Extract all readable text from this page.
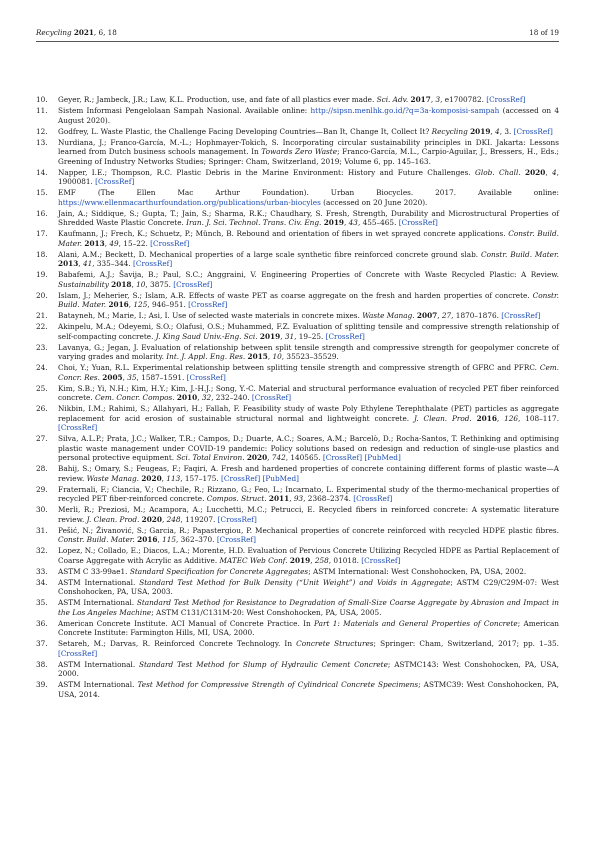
Recycling 2021, 6, 18	18 of 19
10.	Geyer, R.; Jambeck, J.R.; Law, K.L. Production, use, and fate of all plastics ever made. Sci. Adv. 2017, 3, e1700782. [CrossRef]
11.	Sistem Informasi Pengelolaan Sampah Nasional. Available online: http://sipsn.menlhk.go.id/?q=3a-komposisi-sampah (accessed on 4 August 2020).
12.	Godfrey, L. Waste Plastic, the Challenge Facing Developing Countries—Ban It, Change It, Collect It? Recycling 2019, 4, 3. [CrossRef]
13.	Nurdiana, J.; Franco-García, M.-L.; Hophmayer-Tokich, S. Incorporating circular sustainability principles in DKI. Jakarta: Lessons learned from Dutch business schools management. In Towards Zero Waste; Franco-García, M.L., Carpio-Aguilar, J., Bressers, H., Eds.; Greening of Industry Networks Studies; Springer: Cham, Switzerland, 2019; Volume 6, pp. 145–163.
14.	Napper, I.E.; Thompson, R.C. Plastic Debris in the Marine Environment: History and Future Challenges. Glob. Chall. 2020, 4, 1900081. [CrossRef]
15.	EMF (The Ellen Mac Arthur Foundation). Urban Biocycles. 2017. Available online: https://www.ellenmacarthurfoundation.org/publications/urban-biocyles (accessed on 20 June 2020).
16.	Jain, A.; Siddique, S.; Gupta, T.; Jain, S.; Sharma, R.K.; Chaudhary, S. Fresh, Strength, Durability and Microstructural Properties of Shredded Waste Plastic Concrete. Iran. J. Sci. Technol. Trans. Civ. Eng. 2019, 43, 455–465. [CrossRef]
17.	Kaufmann, J.; Frech, K.; Schuetz, P.; Münch, B. Rebound and orientation of fibers in wet sprayed concrete applications. Constr. Build. Mater. 2013, 49, 15–22. [CrossRef]
18.	Alani, A.M.; Beckett, D. Mechanical properties of a large scale synthetic fibre reinforced concrete ground slab. Constr. Build. Mater. 2013, 41, 335–344. [CrossRef]
19.	Babafemi, A.J.; Šavija, B.; Paul, S.C.; Anggraini, V. Engineering Properties of Concrete with Waste Recycled Plastic: A Review. Sustainability 2018, 10, 3875. [CrossRef]
20.	Islam, J.; Meherier, S.; Islam, A.R. Effects of waste PET as coarse aggregate on the fresh and harden properties of concrete. Constr. Build. Mater. 2016, 125, 946–951. [CrossRef]
21.	Batayneh, M.; Marie, I.; Asi, I. Use of selected waste materials in concrete mixes. Waste Manag. 2007, 27, 1870–1876. [CrossRef]
22.	Akinpelu, M.A.; Odeyemi, S.O.; Olafusi, O.S.; Muhammed, F.Z. Evaluation of splitting tensile and compressive strength relationship of self-compacting concrete. J. King Saud Univ.-Eng. Sci. 2019, 31, 19–25. [CrossRef]
23.	Lavanya, G.; Jegan, J. Evaluation of relationship between split tensile strength and compressive strength for geopolymer concrete of varying grades and molarity. Int. J. Appl. Eng. Res. 2015, 10, 35523–35529.
24.	Choi, Y.; Yuan, R.L. Experimental relationship between splitting tensile strength and compressive strength of GFRC and PFRC. Cem. Concr. Res. 2005, 35, 1587–1591. [CrossRef]
25.	Kim, S.B.; Yi, N.H.; Kim, H.Y.; Kim, J.-H.J.; Song, Y.-C. Material and structural performance evaluation of recycled PET fiber reinforced concrete. Cem. Concr. Compos. 2010, 32, 232–240. [CrossRef]
26.	Nikbin, I.M.; Rahimi, S.; Allahyari, H.; Fallah, F. Feasibility study of waste Poly Ethylene Terephthalate (PET) particles as aggregate replacement for acid erosion of sustainable structural normal and lightweight concrete. J. Clean. Prod. 2016, 126, 108–117. [CrossRef]
27.	Silva, A.L.P.; Prata, J.C.; Walker, T.R.; Campos, D.; Duarte, A.C.; Soares, A.M.; Barcelò, D.; Rocha-Santos, T. Rethinking and optimising plastic waste management under COVID-19 pandemic: Policy solutions based on redesign and reduction of single-use plastics and personal protective equipment. Sci. Total Environ. 2020, 742, 140565. [CrossRef] [PubMed]
28.	Bahij, S.; Omary, S.; Feugeas, F.; Faqiri, A. Fresh and hardened properties of concrete containing different forms of plastic waste—A review. Waste Manag. 2020, 113, 157–175. [CrossRef] [PubMed]
29.	Fraternali, F.; Ciancia, V.; Chechile, R.; Rizzano, G.; Feo, L.; Incarnato, L. Experimental study of the thermo-mechanical properties of recycled PET fiber-reinforced concrete. Compos. Struct. 2011, 93, 2368–2374. [CrossRef]
30.	Merli, R.; Preziosi, M.; Acampora, A.; Lucchetti, M.C.; Petrucci, E. Recycled fibers in reinforced concrete: A systematic literature review. J. Clean. Prod. 2020, 248, 119207. [CrossRef]
31.	Pešić, N.; Živanović, S.; Garcia, R.; Papastergiou, P. Mechanical properties of concrete reinforced with recycled HDPE plastic fibres. Constr. Build. Mater. 2016, 115, 362–370. [CrossRef]
32.	Lopez, N.; Collado, E.; Diacos, L.A.; Morente, H.D. Evaluation of Pervious Concrete Utilizing Recycled HDPE as Partial Replacement of Coarse Aggregate with Acrylic as Additive. MATEC Web Conf. 2019, 258, 01018. [CrossRef]
33.	ASTM C 33-99ae1. Standard Specification for Concrete Aggregates; ASTM International: West Conshohocken, PA, USA, 2002.
34.	ASTM International. Standard Test Method for Bulk Density (“Unit Weight”) and Voids in Aggregate; ASTM C29/C29M-07: West Conshohocken, PA, USA, 2003.
35.	ASTM International. Standard Test Method for Resistance to Degradation of Small-Size Coarse Aggregate by Abrasion and Impact in the Los Angeles Machine; ASTM C131/C131M-20: West Conshohocken, PA, USA, 2005.
36.	American Concrete Institute. ACI Manual of Concrete Practice. In Part 1: Materials and General Properties of Concrete; American Concrete Institute: Farmington Hills, MI, USA, 2000.
37.	Setareh, M.; Darvas, R. Reinforced Concrete Technology. In Concrete Structures; Springer: Cham, Switzerland, 2017; pp. 1–35. [CrossRef]
38.	ASTM International. Standard Test Method for Slump of Hydraulic Cement Concrete; ASTMC143: West Conshohocken, PA, USA, 2000.
39.	ASTM International. Test Method for Compressive Strength of Cylindrical Concrete Specimens; ASTMC39: West Conshohocken, PA, USA, 2014.
